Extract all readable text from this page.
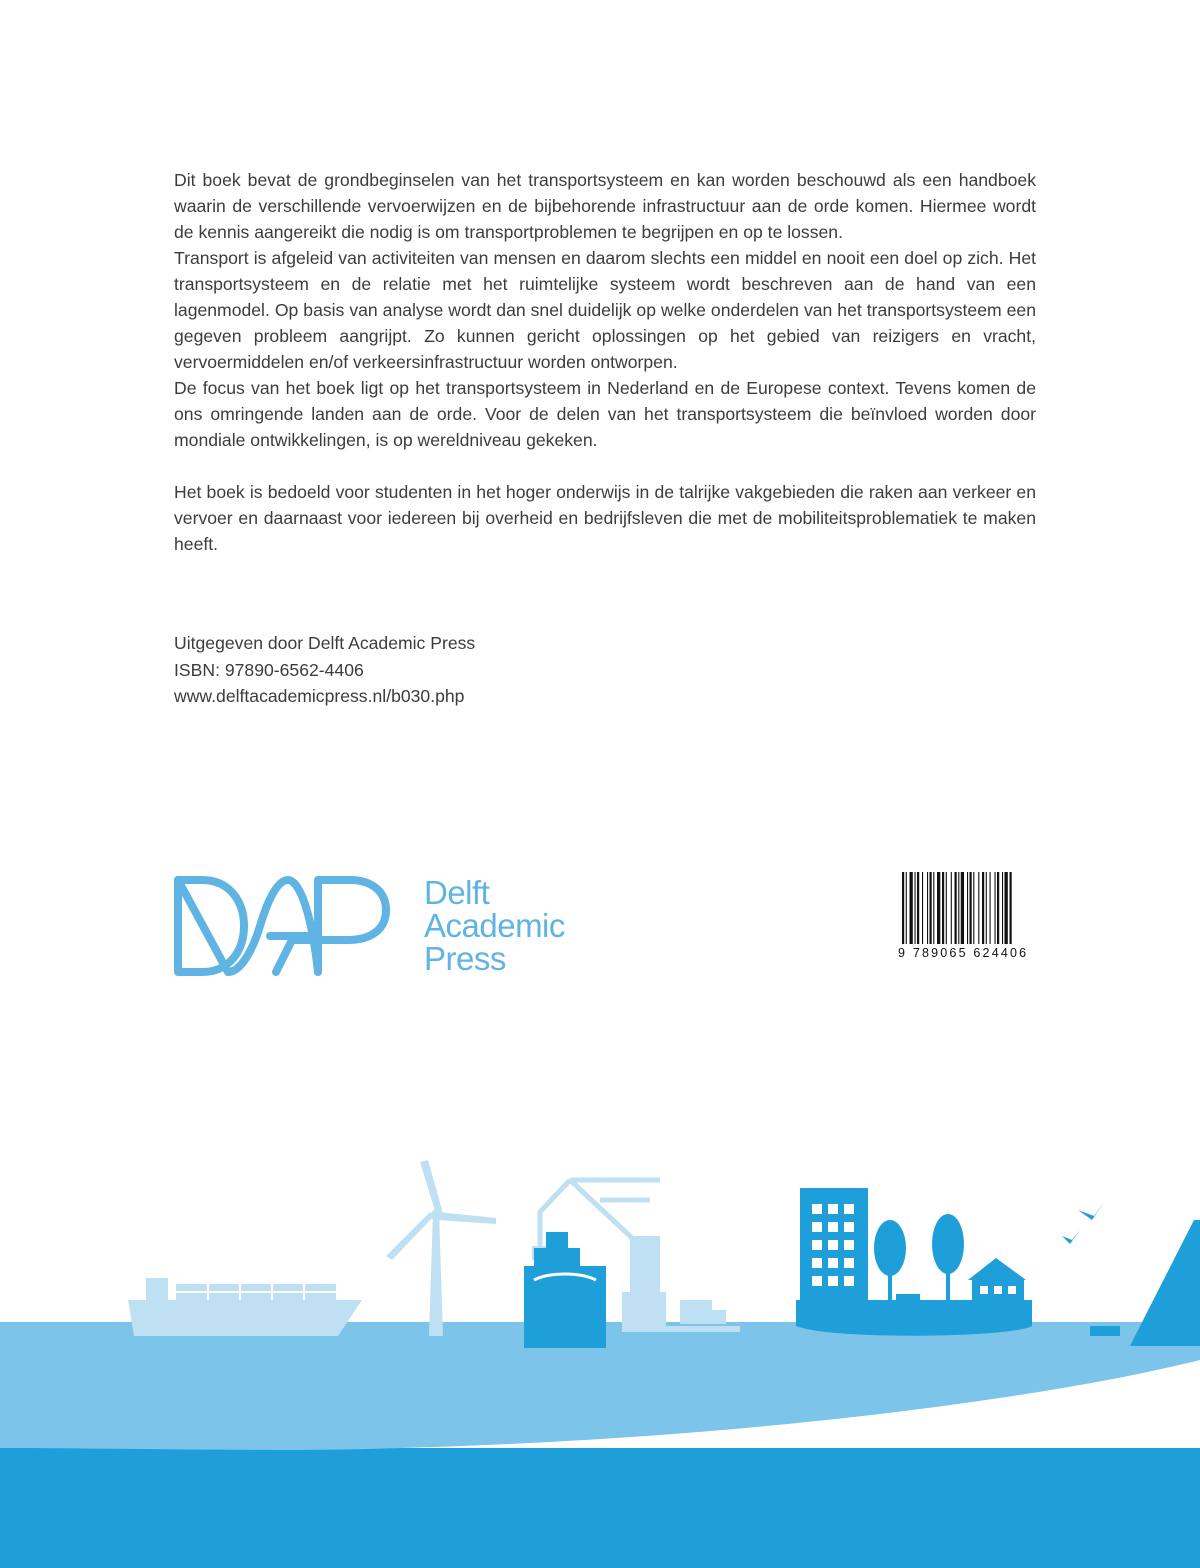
Dit boek bevat de grondbeginselen van het transportsysteem en kan worden beschouwd als een handboek waarin de verschillende vervoerwijzen en de bijbehorende infrastructuur aan de orde komen. Hiermee wordt de kennis aangereikt die nodig is om transportproblemen te begrijpen en op te lossen.

Transport is afgeleid van activiteiten van mensen en daarom slechts een middel en nooit een doel op zich. Het transportsysteem en de relatie met het ruimtelijke systeem wordt beschreven aan de hand van een lagenmodel. Op basis van analyse wordt dan snel duidelijk op welke onderdelen van het transportsysteem een gegeven probleem aangrijpt. Zo kunnen gericht oplossingen op het gebied van reizigers en vracht, vervoermiddelen en/of verkeersinfrastructuur worden ontworpen.

De focus van het boek ligt op het transportsysteem in Nederland en de Europese context. Tevens komen de ons omringende landen aan de orde. Voor de delen van het transportsysteem die beïnvloed worden door mondiale ontwikkelingen, is op wereldniveau gekeken.

Het boek is bedoeld voor studenten in het hoger onderwijs in de talrijke vakgebieden die raken aan verkeer en vervoer en daarnaast voor iedereen bij overheid en bedrijfsleven die met de mobiliteitsproblematiek te maken heeft.

Uitgegeven door Delft Academic Press
ISBN: 97890-6562-4406
www.delftacademicpress.nl/b030.php
Delft
Academic
Press	9 789065 624406
